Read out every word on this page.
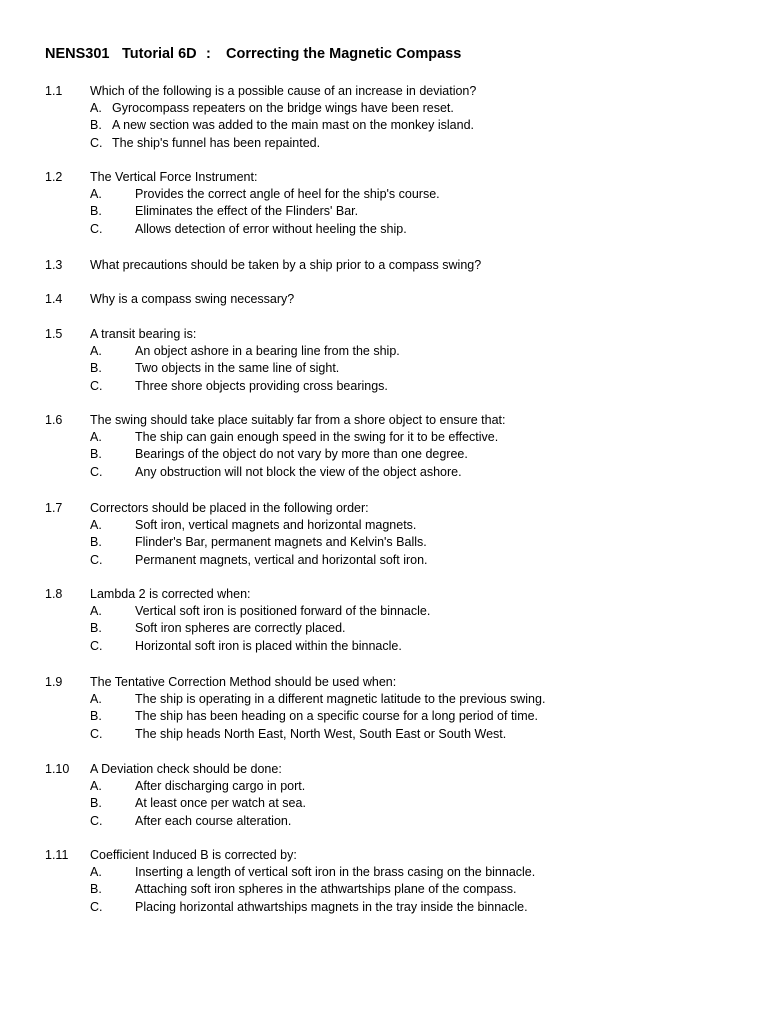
NENS301 Tutorial 6D : Correcting the Magnetic Compass
1.1 Which of the following is a possible cause of an increase in deviation?
A. Gyrocompass repeaters on the bridge wings have been reset.
B. A new section was added to the main mast on the monkey island.
C. The ship's funnel has been repainted.
1.2 The Vertical Force Instrument:
A.	Provides the correct angle of heel for the ship's course.
B.	Eliminates the effect of the Flinders' Bar.
C.	Allows detection of error without heeling the ship.
1.3 What precautions should be taken by a ship prior to a compass swing?
1.4 Why is a compass swing necessary?
1.5 A transit bearing is:
A.	An object ashore in a bearing line from the ship.
B.	Two objects in the same line of sight.
C.	Three shore objects providing cross bearings.
1.6 The swing should take place suitably far from a shore object to ensure that:
A.	The ship can gain enough speed in the swing for it to be effective.
B.	Bearings of the object do not vary by more than one degree.
C.	Any obstruction will not block the view of the object ashore.
1.7 Correctors should be placed in the following order:
A.	Soft iron, vertical magnets and horizontal magnets.
B.	Flinder's Bar, permanent magnets and Kelvin's Balls.
C.	Permanent magnets, vertical and horizontal soft iron.
1.8 Lambda 2 is corrected when:
A.	Vertical soft iron is positioned forward of the binnacle.
B.	Soft iron spheres are correctly placed.
C.	Horizontal soft iron is placed within the binnacle.
1.9 The Tentative Correction Method should be used when:
A.	The ship is operating in a different magnetic latitude to the previous swing.
B.	The ship has been heading on a specific course for a long period of time.
C.	The ship heads North East, North West, South East or South West.
1.10 A Deviation check should be done:
A.	After discharging cargo in port.
B.	At least once per watch at sea.
C.	After each course alteration.
1.11 Coefficient Induced B is corrected by:
A.	Inserting a length of vertical soft iron in the brass casing on the binnacle.
B.	Attaching soft iron spheres in the athwartships plane of the compass.
C.	Placing horizontal athwartships magnets in the tray inside the binnacle.
